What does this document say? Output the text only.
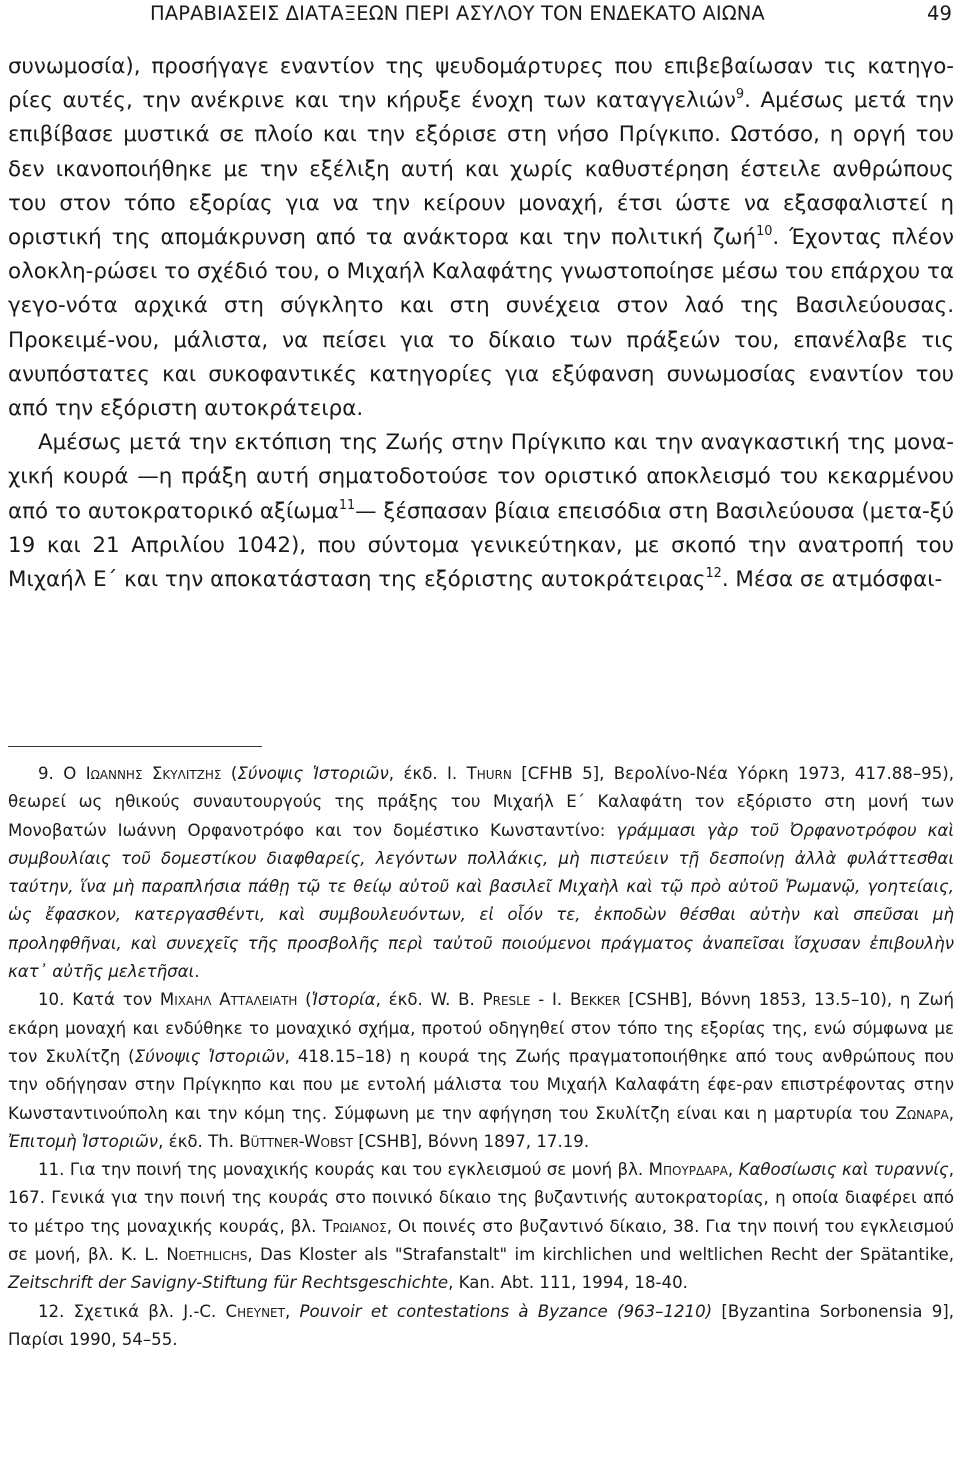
ΠΑΡΑΒΙΑΣΕΙΣ ΔΙΑΤΑΞΕΩΝ ΠΕΡΙ ΑΣΥΛΟΥ ΤΟΝ ΕΝΔΕΚΑΤΟ ΑΙΩΝΑ	49

συνωμοσία), προσήγαγε εναντίον της ψευδομάρτυρες που επιβεβαίωσαν τις κατηγο-ρίες αυτές, την ανέκρινε και την κήρυξε ένοχη των καταγγελιών$^9$. Αμέσως μετά την επιβίβασε μυστικά σε πλοίο και την εξόρισε στη νήσο Πρίγκιπο. Ωστόσο, η οργή του δεν ικανοποιήθηκε με την εξέλιξη αυτή και χωρίς καθυστέρηση έστειλε ανθρώπους του στον τόπο εξορίας για να την κείρουν μοναχή, έτσι ώστε να εξασφαλιστεί η οριστική της απομάκρυνση από τα ανάκτορα και την πολιτική ζωή$^{10}$. Έχοντας πλέον ολοκλη-ρώσει το σχέδιό του, ο Μιχαήλ Καλαφάτης γνωστοποίησε μέσω του επάρχου τα γεγο-νότα αρχικά στη σύγκλητο και στη συνέχεια στον λαό της Βασιλεύουσας. Προκειμέ-νου, μάλιστα, να πείσει για το δίκαιο των πράξεών του, επανέλαβε τις ανυπόστατες και συκοφαντικές κατηγορίες για εξύφανση συνωμοσίας εναντίον του από την εξόριστη αυτοκράτειρα.

Αμέσως μετά την εκτόπιση της Ζωής στην Πρίγκιπο και την αναγκαστική της μονα-χική κουρά —η πράξη αυτή σηματοδοτούσε τον οριστικό αποκλεισμό του κεκαρμένου από το αυτοκρατορικό αξίωμα$^{11}$— ξέσπασαν βίαια επεισόδια στη Βασιλεύουσα (μετα-ξύ 19 και 21 Απριλίου 1042), που σύντομα γενικεύτηκαν, με σκοπό την ανατροπή του Μιχαήλ Ε΄ και την αποκατάσταση της εξόριστης αυτοκράτειρας$^{12}$. Μέσα σε ατμόσφαι-

9. Ο Ιωαννης Σκυλιτζης (Σύνοψις Ἱστοριῶν, έκδ. I. Thurn [CFHB 5], Βερολίνο-Νέα Υόρκη 1973, 417.88–95), θεωρεί ως ηθικούς συναυτουργούς της πράξης του Μιχαήλ Ε΄ Καλαφάτη τον εξόριστο στη μονή των Μονοβατών Ιωάννη Ορφανοτρόφο και τον δομέστικο Κωνσταντίνο: γράμμασι γὰρ τοῦ Ὀρφανοτρόφου καὶ συμβουλίαις τοῦ δομεστίκου διαφθαρείς, λεγόντων πολλάκις, μὴ πιστεύειν τῇ δεσποίνῃ ἀλλὰ φυλάττεσθαι ταύτην, ἵνα μὴ παραπλήσια πάθῃ τῷ τε θείῳ αὐτοῦ καὶ βασιλεῖ Μιχαὴλ καὶ τῷ πρὸ αὐτοῦ Ῥωμανῷ, γοητείαις, ὡς ἔφασκον, κατεργασθέντι, καὶ συμβουλευόντων, εἰ οἷόν τε, ἐκποδὼν θέσθαι αὐτὴν καὶ σπεῦσαι μὴ προληφθῆναι, καὶ συνεχεῖς τῆς προσβολῆς περὶ ταὐτοῦ ποιούμενοι πράγματος ἀναπεῖσαι ἴσχυσαν ἐπιβουλὴν κατ᾽ αὐτῆς μελετῆσαι.

10. Κατά τον Μιχαηλ Ατταλειατη (Ἱστορία, έκδ. W. B. Presle - I. Bekker [CSHB], Βόννη 1853, 13.5–10), η Ζωή εκάρη μοναχή και ενδύθηκε το μοναχικό σχήμα, προτού οδηγηθεί στον τόπο της εξορίας της, ενώ σύμφωνα με τον Σκυλίτζη (Σύνοψις Ἱστοριῶν, 418.15–18) η κουρά της Ζωής πραγματοποιήθηκε από τους ανθρώπους που την οδήγησαν στην Πρίγκηπο και που με εντολή μάλιστα του Μιχαήλ Καλαφάτη έφε-ραν επιστρέφοντας στην Κωνσταντινούπολη και την κόμη της. Σύμφωνη με την αφήγηση του Σκυλίτζη είναι και η μαρτυρία του Ζωναρα, Ἐπιτομὴ Ἱστοριῶν, έκδ. Th. Büttner-Wobst [CSHB], Βόννη 1897, 17.19.

11. Για την ποινή της μοναχικής κουράς και του εγκλεισμού σε μονή βλ. Μπουρδαρα, Καθοσίωσις καὶ τυραννίς, 167. Γενικά για την ποινή της κουράς στο ποινικό δίκαιο της βυζαντινής αυτοκρατορίας, η οποία διαφέρει από το μέτρο της μοναχικής κουράς, βλ. Τρωιανος, Οι ποινές στο βυζαντινό δίκαιο, 38. Για την ποινή του εγκλεισμού σε μονή, βλ. K. L. Noethlichs, Das Kloster als "Strafanstalt" im kirchlichen und weltlichen Recht der Spätantike, Zeitschrift der Savigny-Stiftung für Rechtsgeschichte, Kan. Abt. 111, 1994, 18-40.

12. Σχετικά βλ. J.-C. Cheynet, Pouvoir et contestations à Byzance (963–1210) [Byzantina Sorbonensia 9], Παρίσι 1990, 54–55.
